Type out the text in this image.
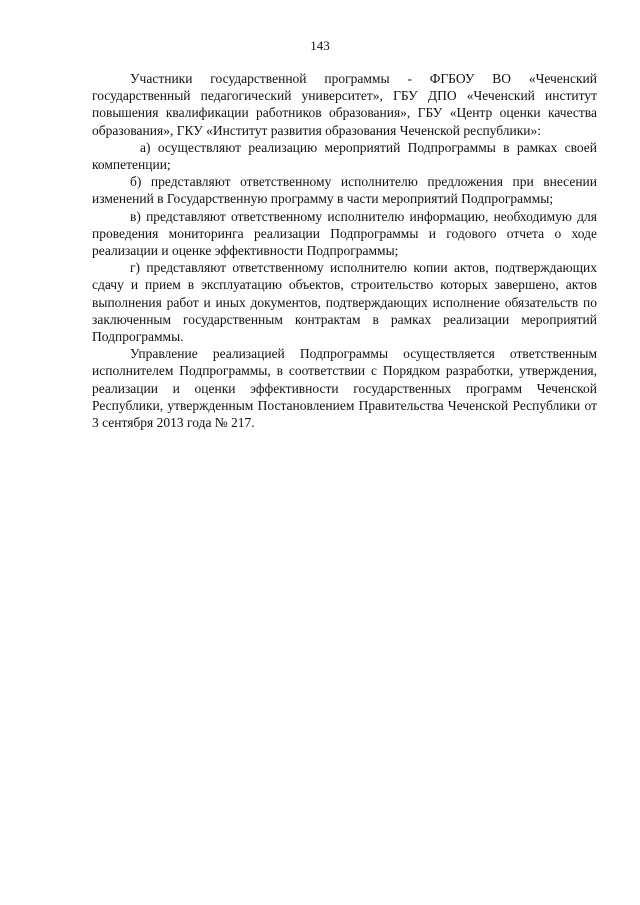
143

Участники государственной программы - ФГБОУ ВО «Чеченский государственный педагогический университет», ГБУ ДПО «Чеченский институт повышения квалификации работников образования», ГБУ «Центр оценки качества образования», ГКУ «Институт развития образования Чеченской республики»:

а) осуществляют реализацию мероприятий Подпрограммы в рамках своей компетенции;

б) представляют ответственному исполнителю предложения при внесении изменений в Государственную программу в части мероприятий Подпрограммы;

в) представляют ответственному исполнителю информацию, необходимую для проведения мониторинга реализации Подпрограммы и годового отчета о ходе реализации и оценке эффективности Подпрограммы;

г) представляют ответственному исполнителю копии актов, подтверждающих сдачу и прием в эксплуатацию объектов, строительство которых завершено, актов выполнения работ и иных документов, подтверждающих исполнение обязательств по заключенным государственным контрактам в рамках реализации мероприятий Подпрограммы.

Управление реализацией Подпрограммы осуществляется ответственным исполнителем Подпрограммы, в соответствии с Порядком разработки, утверждения, реализации и оценки эффективности государственных программ Чеченской Республики, утвержденным Постановлением Правительства Чеченской Республики от 3 сентября 2013 года № 217.
